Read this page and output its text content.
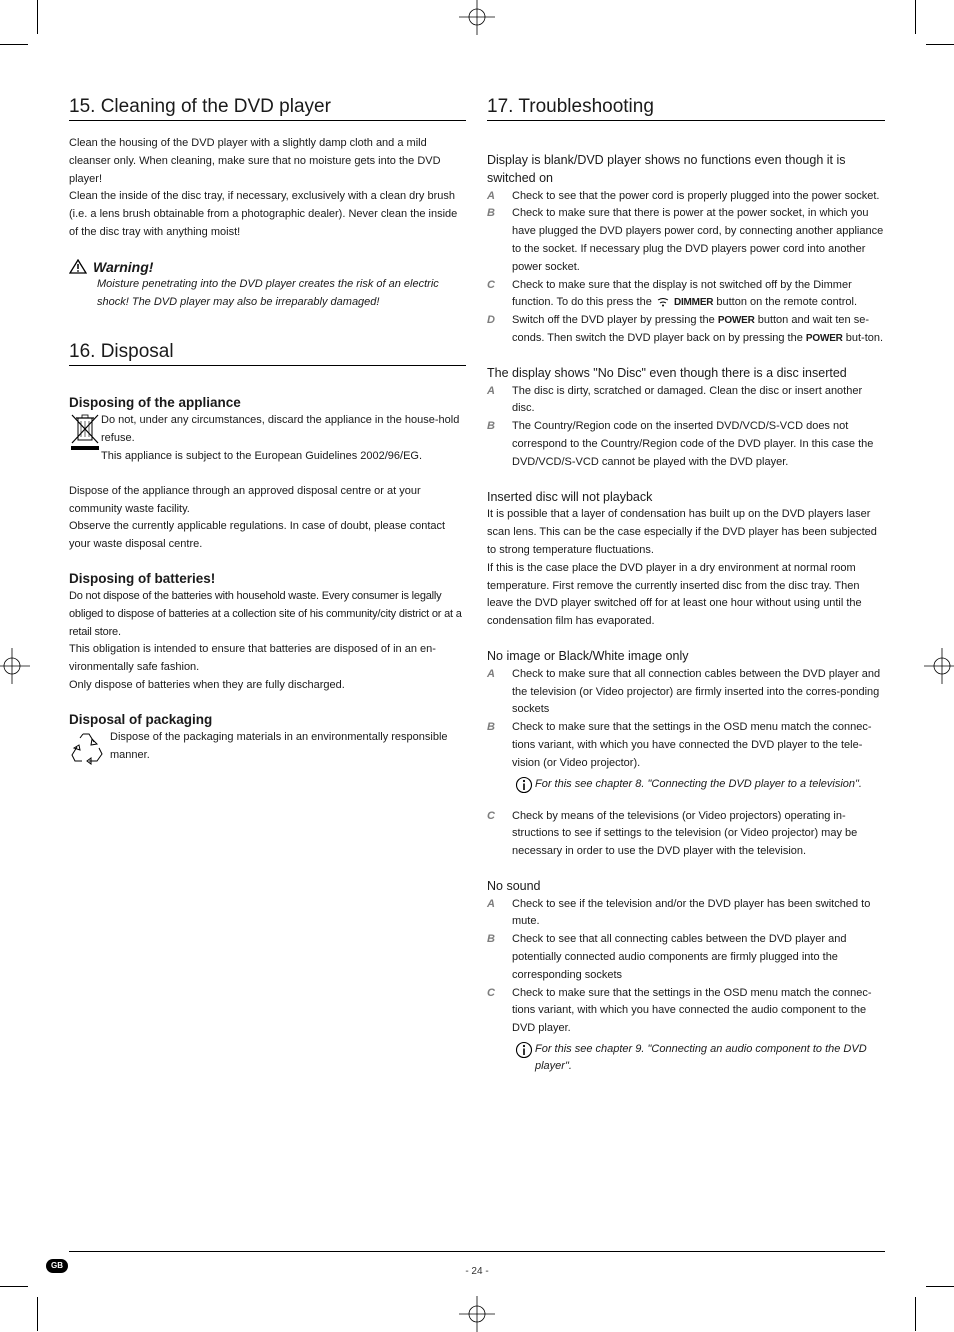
15. Cleaning of the DVD player

Clean the housing of the DVD player with a slightly damp cloth and a mild cleanser only. When cleaning, make sure that no moisture gets into the DVD player!

Clean the inside of the disc tray, if necessary, exclusively with a clean dry brush (i.e. a lens brush obtainable from a photographic dealer). Never clean the inside of the disc tray with anything moist!

Warning!

Moisture penetrating into the DVD player creates the risk of an electric shock! The DVD player may also be irreparably damaged!

16. Disposal
Disposing of the appliance

Do not, under any circumstances, discard the appliance in the house-hold refuse.

This appliance is subject to the European Guidelines 2002/96/EG.

Dispose of the appliance through an approved disposal centre or at your community waste facility.

Observe the currently applicable regulations. In case of doubt, please contact your waste disposal centre.

Disposing of batteries!

Do not dispose of the batteries with household waste. Every consumer is legally obliged to dispose of batteries at a collection site of his community/city district or at a retail store.

This obligation is intended to ensure that batteries are disposed of in an en-vironmentally safe fashion.

Only dispose of batteries when they are fully discharged.

Disposal of packaging

Dispose of the packaging materials in an environmentally responsible manner.

17. Troubleshooting
Display is blank/DVD player shows no functions even though it is switched on
A	Check to see that the power cord is properly plugged into the power socket.
B	Check to make sure that there is power at the power socket, in which you have plugged the DVD players power cord, by connecting another appliance to the socket. If necessary plug the DVD players power cord into another power socket.
C	Check to make sure that the display is not switched off by the Dimmer function. To do this press the DIMMER button on the remote control.
D	Switch off the DVD player by pressing the POWER button and wait ten se-conds. Then switch the DVD player back on by pressing the POWER but-ton.
The display shows "No Disc" even though there is a disc inserted
A	The disc is dirty, scratched or damaged. Clean the disc or insert another disc.
B	The Country/Region code on the inserted DVD/VCD/S-VCD does not correspond to the Country/Region code of the DVD player. In this case the DVD/VCD/S-VCD cannot be played with the DVD player.
Inserted disc will not playback

It is possible that a layer of condensation has built up on the DVD players laser scan lens. This can be the case especially if the DVD player has been subjected to strong temperature fluctuations.

If this is the case place the DVD player in a dry environment at normal room temperature. First remove the currently inserted disc from the disc tray. Then leave the DVD player switched off for at least one hour without using until the condensation film has evaporated.

No image or Black/White image only
A	Check to make sure that all connection cables between the DVD player and the television (or Video projector) are firmly inserted into the corres-ponding sockets
B	Check to make sure that the settings in the OSD menu match the connec-tions variant, with which you have connected the DVD player to the tele-vision (or Video projector).
For this see chapter 8. "Connecting the DVD player to a television".
C	Check by means of the televisions (or Video projectors) operating in-structions to see if settings to the television (or Video projector) may be necessary in order to use the DVD player with the television.
No sound
A	Check to see if the television and/or the DVD player has been switched to mute.
B	Check to see that all connecting cables between the DVD player and potentially connected audio components are firmly plugged into the corresponding sockets
C	Check to make sure that the settings in the OSD menu match the connec-tions variant, with which you have connected the audio component to the DVD player.
For this see chapter 9. "Connecting an audio component to the DVD player".
GB
- 24 -
